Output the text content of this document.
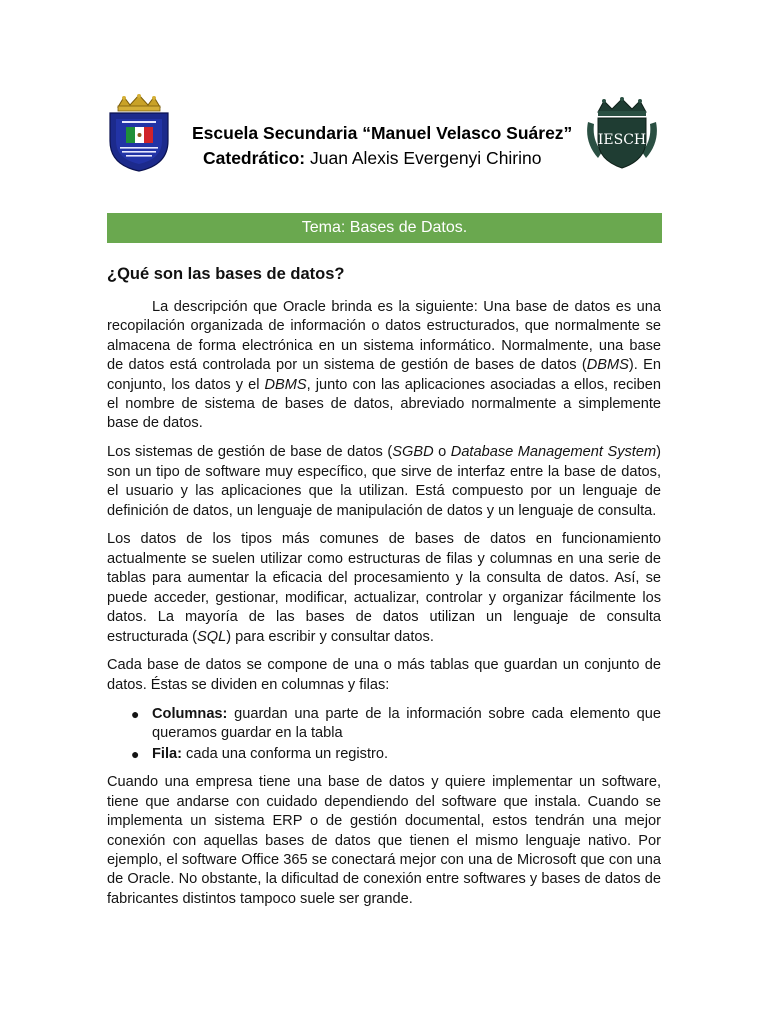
IESCH
Escuela Secundaria “Manuel Velasco Suárez”
Catedrático: Juan Alexis Evergenyi Chirino
Tema: Bases de Datos.
¿Qué son las bases de datos?

La descripción que Oracle brinda es la siguiente: Una base de datos es una recopilación organizada de información o datos estructurados, que normalmente se almacena de forma electrónica en un sistema informático. Normalmente, una base de datos está controlada por un sistema de gestión de bases de datos (DBMS). En conjunto, los datos y el DBMS, junto con las aplicaciones asociadas a ellos, reciben el nombre de sistema de bases de datos, abreviado normalmente a simplemente base de datos.

Los sistemas de gestión de base de datos (SGBD o Database Management System) son un tipo de software muy específico, que sirve de interfaz entre la base de datos, el usuario y las aplicaciones que la utilizan. Está compuesto por un lenguaje de definición de datos, un lenguaje de manipulación de datos y un lenguaje de consulta.

Los datos de los tipos más comunes de bases de datos en funcionamiento actualmente se suelen utilizar como estructuras de filas y columnas en una serie de tablas para aumentar la eficacia del procesamiento y la consulta de datos. Así, se puede acceder, gestionar, modificar, actualizar, controlar y organizar fácilmente los datos. La mayoría de las bases de datos utilizan un lenguaje de consulta estructurada (SQL) para escribir y consultar datos.

Cada base de datos se compone de una o más tablas que guardan un conjunto de datos. Éstas se dividen en columnas y filas:

● Columnas: guardan una parte de la información sobre cada elemento que queramos guardar en la tabla
● Fila: cada una conforma un registro.

Cuando una empresa tiene una base de datos y quiere implementar un software, tiene que andarse con cuidado dependiendo del software que instala. Cuando se implementa un sistema ERP o de gestión documental, estos tendrán una mejor conexión con aquellas bases de datos que tienen el mismo lenguaje nativo. Por ejemplo, el software Office 365 se conectará mejor con una de Microsoft que con una de Oracle. No obstante, la dificultad de conexión entre softwares y bases de datos de fabricantes distintos tampoco suele ser grande.
